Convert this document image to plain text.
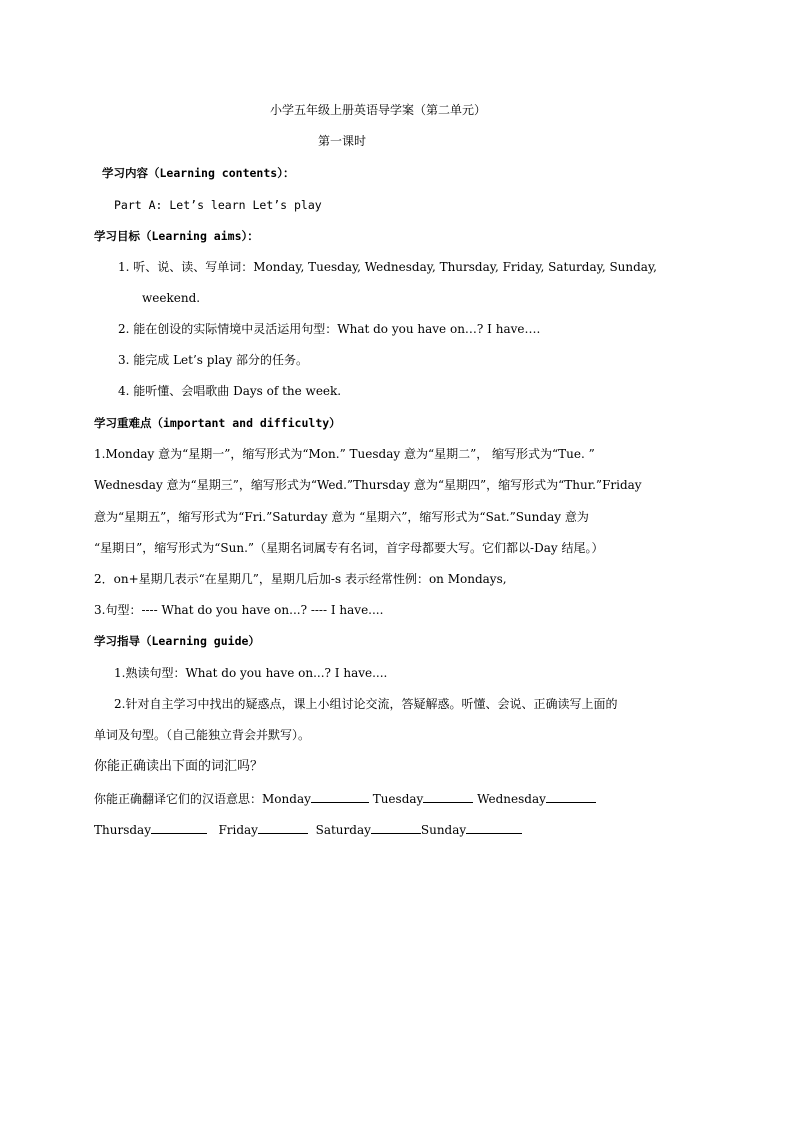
小学五年级上册英语导学案（第二单元）
第一课时
学习内容（Learning contents）：
Part A: Let’s learn Let’s play
学习目标（Learning aims）：
1. 听、说、读、写单词：Monday, Tuesday, Wednesday, Thursday, Friday, Saturday, Sunday,
weekend.
2. 能在创设的实际情境中灵活运用句型：What do you have on…? I have….
3. 能完成 Let’s play 部分的任务。
4. 能听懂、会唱歌曲 Days of the week.
学习重难点（important and difficulty）
1.Monday 意为“星期一”，缩写形式为“Mon.” Tuesday 意为“星期二”， 缩写形式为“Tue. ”
Wednesday 意为“星期三”，缩写形式为“Wed.”Thursday 意为“星期四”，缩写形式为“Thur.”Friday
意为“星期五”，缩写形式为“Fri.”Saturday 意为 “星期六”，缩写形式为“Sat.”Sunday 意为
“星期日”，缩写形式为“Sun.”（星期名词属专有名词，首字母都要大写。它们都以-Day 结尾。）
2．on+星期几表示“在星期几”，星期几后加-s 表示经常性例：on Mondays,
3.句型：---- What do you have on...? ---- I have....
学习指导（Learning guide）
1.熟读句型：What do you have on...? I have....
2.针对自主学习中找出的疑惑点，课上小组讨论交流，答疑解惑。听懂、会说、正确读写上面的
单词及句型。（自己能独立背会并默写）。
你能正确读出下面的词汇吗？
你能正确翻译它们的汉语意思：Monday	Tuesday	Wednesday
Thursday	Friday	Saturday	Sunday
